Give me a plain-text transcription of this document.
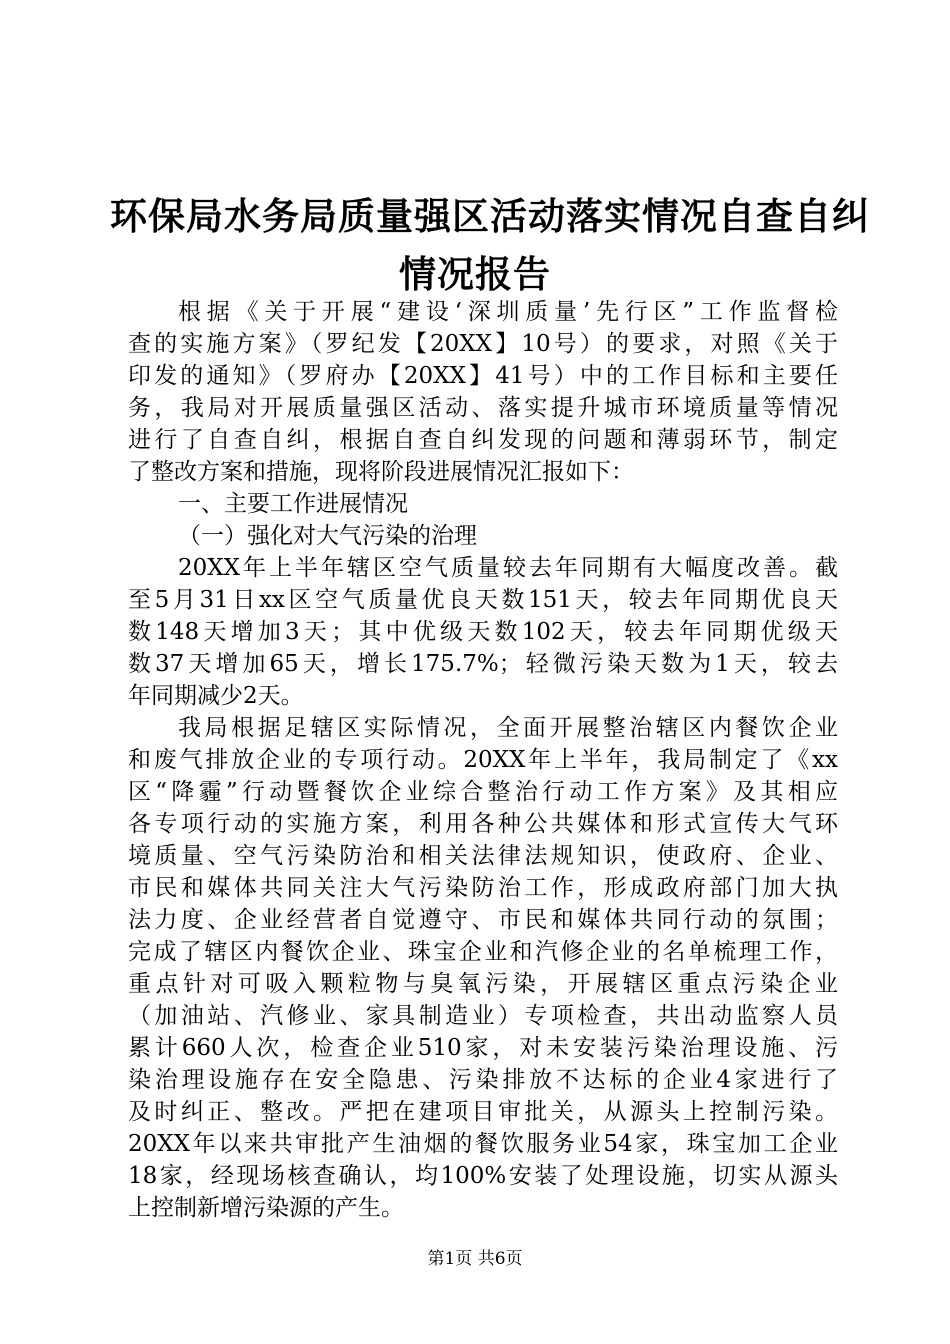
环保局水务局质量强区活动落实情况自查自纠
情况报告
根据《关于开展“建设‘深圳质量’先行区”工作监督检
查的实施方案》（罗纪发【20XX】10号）的要求，对照《关于
印发的通知》（罗府办【20XX】41号）中的工作目标和主要任
务，我局对开展质量强区活动、落实提升城市环境质量等情况
进行了自查自纠，根据自查自纠发现的问题和薄弱环节，制定
了整改方案和措施，现将阶段进展情况汇报如下：
一、主要工作进展情况
（一）强化对大气污染的治理
20XX年上半年辖区空气质量较去年同期有大幅度改善。截
至5月31日xx区空气质量优良天数151天，较去年同期优良天
数148天增加3天；其中优级天数102天，较去年同期优级天
数37天增加65天，增长175.7%；轻微污染天数为1天，较去
年同期减少2天。
我局根据足辖区实际情况，全面开展整治辖区内餐饮企业
和废气排放企业的专项行动。20XX年上半年，我局制定了《xx
区“降霾”行动暨餐饮企业综合整治行动工作方案》及其相应
各专项行动的实施方案，利用各种公共媒体和形式宣传大气环
境质量、空气污染防治和相关法律法规知识，使政府、企业、
市民和媒体共同关注大气污染防治工作，形成政府部门加大执
法力度、企业经营者自觉遵守、市民和媒体共同行动的氛围；
完成了辖区内餐饮企业、珠宝企业和汽修企业的名单梳理工作，
重点针对可吸入颗粒物与臭氧污染，开展辖区重点污染企业
（加油站、汽修业、家具制造业）专项检查，共出动监察人员
累计660人次，检查企业510家，对未安装污染治理设施、污
染治理设施存在安全隐患、污染排放不达标的企业4家进行了
及时纠正、整改。严把在建项目审批关，从源头上控制污染。
20XX年以来共审批产生油烟的餐饮服务业54家，珠宝加工企业
18家，经现场核查确认，均100%安装了处理设施，切实从源头
上控制新增污染源的产生。
第1页 共6页
